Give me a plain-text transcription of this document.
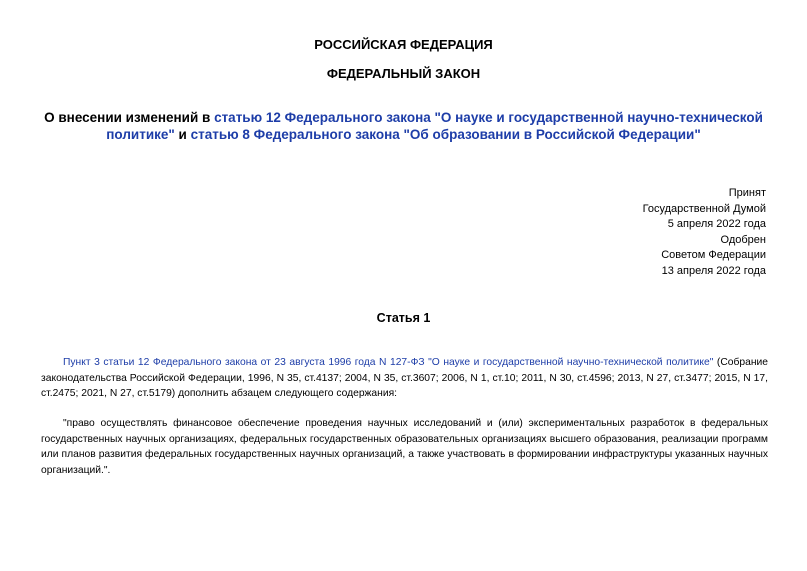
РОССИЙСКАЯ ФЕДЕРАЦИЯ
ФЕДЕРАЛЬНЫЙ ЗАКОН
О внесении изменений в статью 12 Федерального закона "О науке и государственной научно-технической политике" и статью 8 Федерального закона "Об образовании в Российской Федерации"
Принят
Государственной Думой
5 апреля 2022 года
Одобрен
Советом Федерации
13 апреля 2022 года
Статья 1

Пункт 3 статьи 12 Федерального закона от 23 августа 1996 года N 127-ФЗ "О науке и государственной научно-технической политике" (Собрание законодательства Российской Федерации, 1996, N 35, ст.4137; 2004, N 35, ст.3607; 2006, N 1, ст.10; 2011, N 30, ст.4596; 2013, N 27, ст.3477; 2015, N 17, ст.2475; 2021, N 27, ст.5179) дополнить абзацем следующего содержания:

"право осуществлять финансовое обеспечение проведения научных исследований и (или) экспериментальных разработок в федеральных государственных научных организациях, федеральных государственных образовательных организациях высшего образования, реализации программ или планов развития федеральных государственных научных организаций, а также участвовать в формировании инфраструктуры указанных научных организаций.".
